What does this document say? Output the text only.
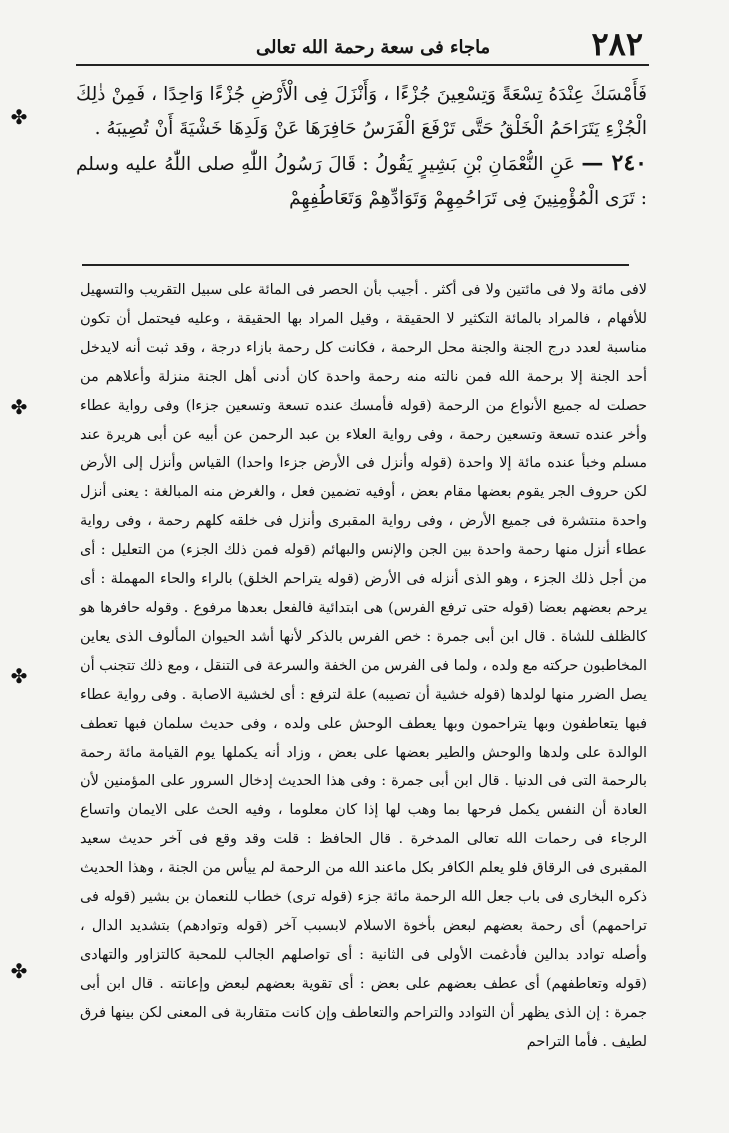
٢٨٢
ماجاء فى سعة رحمة الله تعالى

فَأَمْسَكَ عِنْدَهُ تِسْعَةً وَتِسْعِينَ جُزْءًا ، وَأَنْزَلَ فِى الْأَرْضِ جُزْءًا وَاحِدًا ، فَمِنْ ذٰلِكَ الْجُزْءِ يَتَرَاحَمُ الْخَلْقُ حَتَّى تَرْفَعَ الْفَرَسُ حَافِرَهَا عَنْ وَلَدِهَا خَشْيَةَ أَنْ تُصِيبَهُ .

٢٤٠ — عَنِ النُّعْمَانِ بْنِ بَشِيرٍ يَقُولُ : قَالَ رَسُولُ اللّٰهِ صلى اللّٰهُ عليه وسلم : تَرَى الْمُؤْمِنِينَ فِى تَرَاحُمِهِمْ وَتَوَادِّهِمْ وَتَعَاطُفِهِمْ

لافى مائة ولا فى مائتين ولا فى أكثر . أجيب بأن الحصر فى المائة على سبيل التقريب والتسهيل للأفهام ، فالمراد بالمائة التكثير لا الحقيقة ، وقيل المراد بها الحقيقة ، وعليه فيحتمل أن تكون مناسبة لعدد درج الجنة والجنة محل الرحمة ، فكانت كل رحمة بازاء درجة ، وقد ثبت أنه لايدخل أحد الجنة إلا برحمة الله فمن نالته منه رحمة واحدة كان أدنى أهل الجنة منزلة وأعلاهم من حصلت له جميع الأنواع من الرحمة (قوله فأمسك عنده تسعة وتسعين جزءا) وفى رواية عطاء وأخر عنده تسعة وتسعين رحمة ، وفى رواية العلاء بن عبد الرحمن عن أبيه عن أبى هريرة عند مسلم وخبأ عنده مائة إلا واحدة (قوله وأنزل فى الأرض جزءا واحدا) القياس وأنزل إلى الأرض لكن حروف الجر يقوم بعضها مقام بعض ، أوفيه تضمين فعل ، والغرض منه المبالغة : يعنى أنزل واحدة منتشرة فى جميع الأرض ، وفى رواية المقبرى وأنزل فى خلقه كلهم رحمة ، وفى رواية عطاء أنزل منها رحمة واحدة بين الجن والإنس والبهائم (قوله فمن ذلك الجزء) من التعليل : أى من أجل ذلك الجزء ، وهو الذى أنزله فى الأرض (قوله يتراحم الخلق) بالراء والحاء المهملة : أى يرحم بعضهم بعضا (قوله حتى ترفع الفرس) هى ابتدائية فالفعل بعدها مرفوع . وقوله حافرها هو كالظلف للشاة . قال ابن أبى جمرة : خص الفرس بالذكر لأنها أشد الحيوان المألوف الذى يعاين المخاطبون حركته مع ولده ، ولما فى الفرس من الخفة والسرعة فى التنقل ، ومع ذلك تتجنب أن يصل الضرر منها لولدها (قوله خشية أن تصيبه) علة لترفع : أى لخشية الاصابة . وفى رواية عطاء فبها يتعاطفون وبها يتراحمون وبها يعطف الوحش على ولده ، وفى حديث سلمان فبها تعطف الوالدة على ولدها والوحش والطير بعضها على بعض ، وزاد أنه يكملها يوم القيامة مائة رحمة بالرحمة التى فى الدنيا . قال ابن أبى جمرة : وفى هذا الحديث إدخال السرور على المؤمنين لأن العادة أن النفس يكمل فرحها بما وهب لها إذا كان معلوما ، وفيه الحث على الايمان واتساع الرجاء فى رحمات الله تعالى المدخرة . قال الحافظ : قلت وقد وقع فى آخر حديث سعيد المقبرى فى الرقاق فلو يعلم الكافر بكل ماعند الله من الرحمة لم ييأس من الجنة ، وهذا الحديث ذكره البخارى فى باب جعل الله الرحمة مائة جزء (قوله ترى) خطاب للنعمان بن بشير (قوله فى تراحمهم) أى رحمة بعضهم لبعض بأخوة الاسلام لابسبب آخر (قوله وتوادهم) بتشديد الدال ، وأصله توادد بدالين فأدغمت الأولى فى الثانية : أى تواصلهم الجالب للمحبة كالتزاور والتهادى (قوله وتعاطفهم) أى عطف بعضهم على بعض : أى تقوية بعضهم لبعض وإعانته . قال ابن أبى جمرة : إن الذى يظهر أن التوادد والتراحم والتعاطف وإن كانت متقاربة فى المعنى لكن بينها فرق لطيف . فأما التراحم

✤
✤
✤
✤
